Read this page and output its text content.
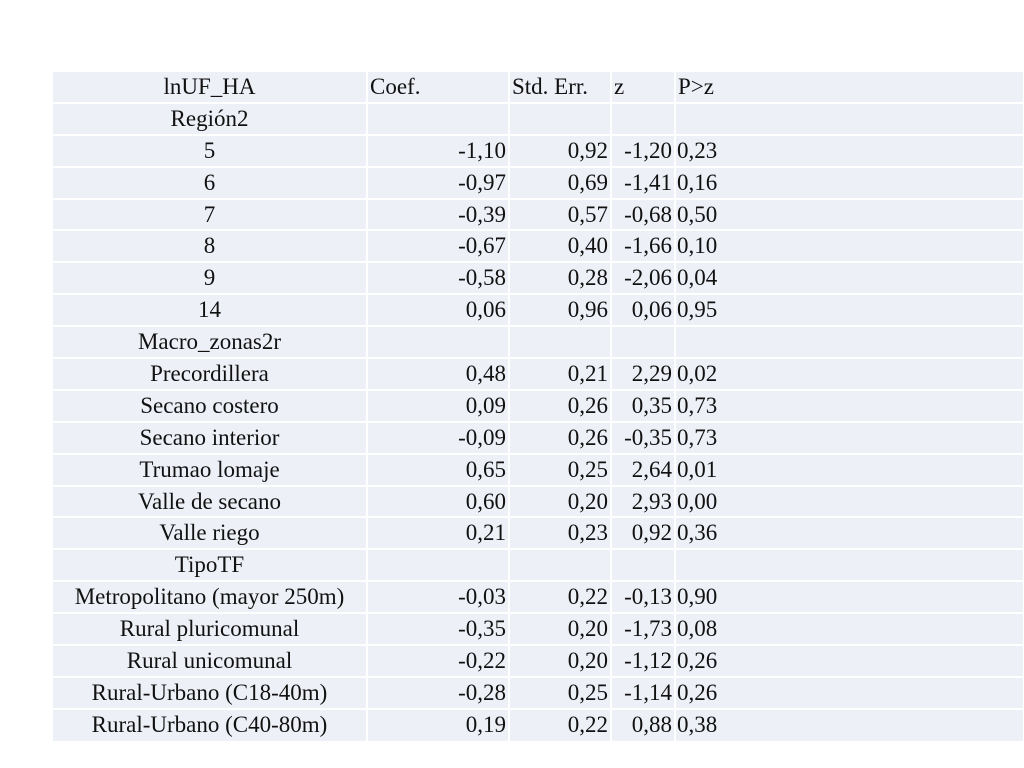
lnUF_HA	Coef.	Std. Err.	z	P>z
Región2				
5	-1,10	0,92	-1,20	0,23
6	-0,97	0,69	-1,41	0,16
7	-0,39	0,57	-0,68	0,50
8	-0,67	0,40	-1,66	0,10
9	-0,58	0,28	-2,06	0,04
14	0,06	0,96	0,06	0,95
Macro_zonas2r				
Precordillera	0,48	0,21	2,29	0,02
Secano costero	0,09	0,26	0,35	0,73
Secano interior	-0,09	0,26	-0,35	0,73
Trumao lomaje	0,65	0,25	2,64	0,01
Valle de secano	0,60	0,20	2,93	0,00
Valle riego	0,21	0,23	0,92	0,36
TipoTF				
Metropolitano (mayor 250m)	-0,03	0,22	-0,13	0,90
Rural pluricomunal	-0,35	0,20	-1,73	0,08
Rural unicomunal	-0,22	0,20	-1,12	0,26
Rural-Urbano (C18-40m)	-0,28	0,25	-1,14	0,26
Rural-Urbano (C40-80m)	0,19	0,22	0,88	0,38
